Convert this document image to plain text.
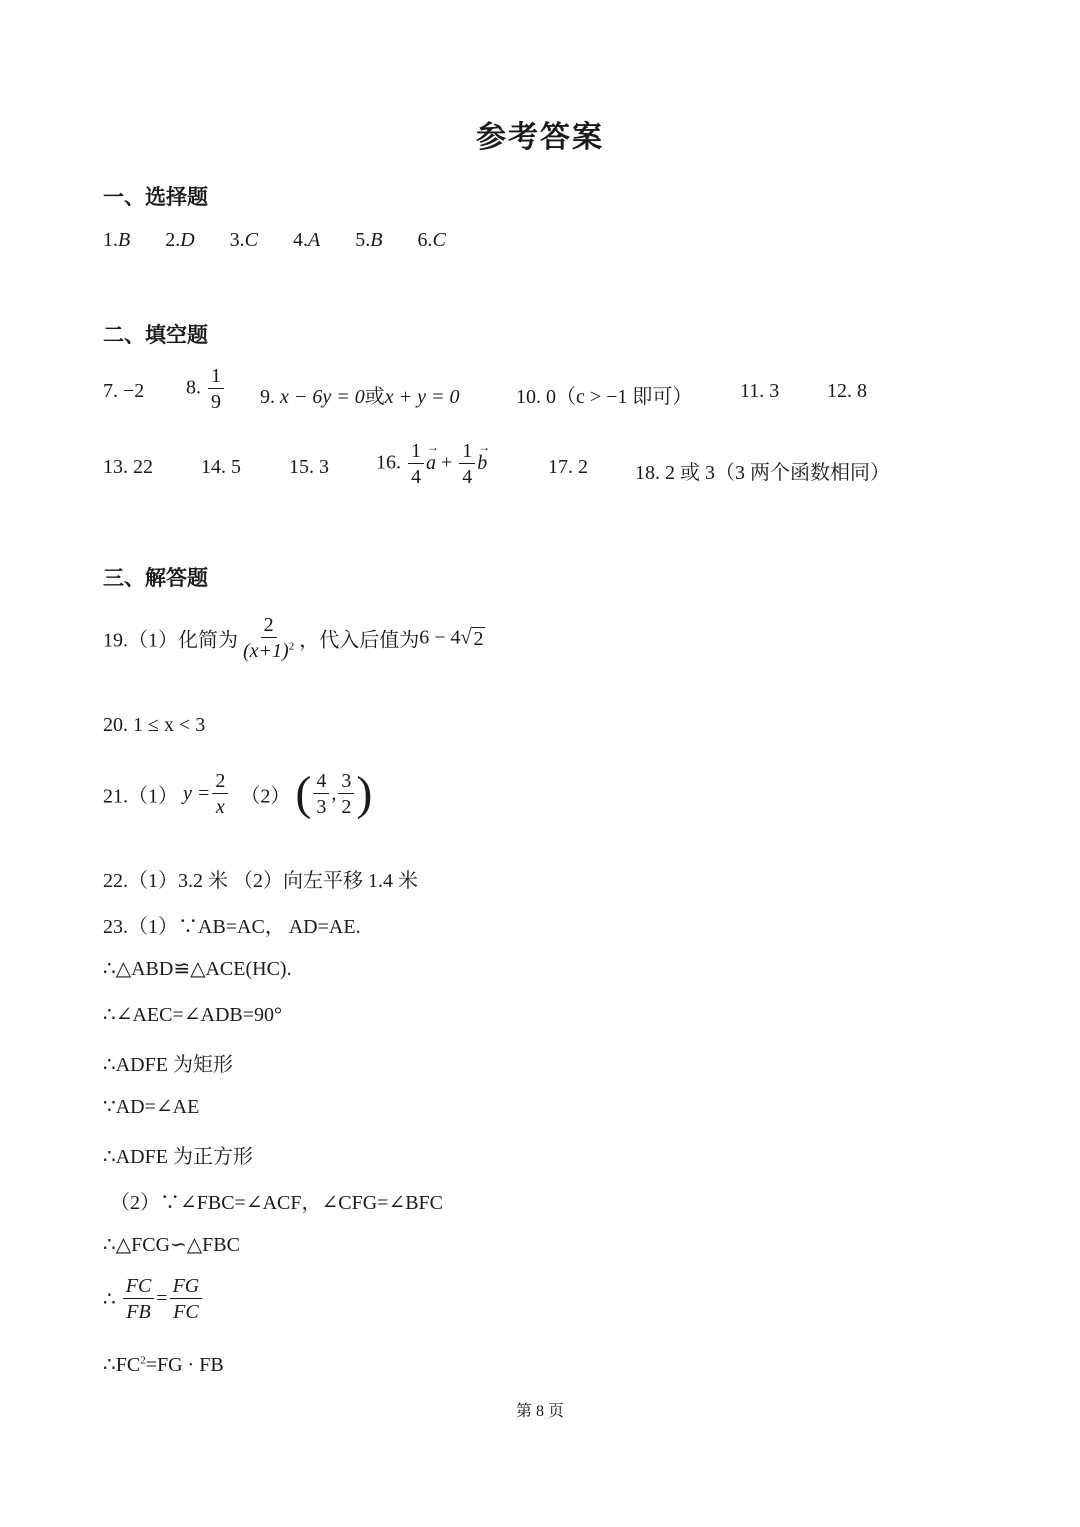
参考答案
一、选择题
1.B 2.D 3.C 4.A 5.B 6.C
二、填空题
7. −2 8. $\frac{1}{9} 9$. x − 6y = 0或x + y = 0	10. 0（c > −1 即可） 11. 3 12. 8
13. 22 14. 5 15. 3 16. $\frac{1}{4}$ →
$a + \frac{1}{4}$ →
b	17. 2 18. 2 或 3（3 两个函数相同）
三、解答题
19.（1）化简为 $\frac{2}{(x+1)^2}$ ，代入后值为6 − 4√ 2
20. 1 ≤ x < 3
21.（1） $y = \frac{2}{x} (2)$ ( $\frac{4}{3}$ , $\frac{3}{2}$ )
22.（1）3.2 米 （2）向左平移 1.4 米
23.（1）∵AB=AC， AD=AE.
∴△ABD≌△ACE(HC).
∴∠AEC=∠ADB=90°
∴ADFE 为矩形
∵AD=∠AE
∴ADFE 为正方形
（2）∵∠FBC=∠ACF，∠CFG=∠BFC
∴△FCG∽△FBC
∴ $\frac{FC}{FB} = \frac{FG}{FC}$
$\therefore FC^2=FG$ · FB
第 8 页
